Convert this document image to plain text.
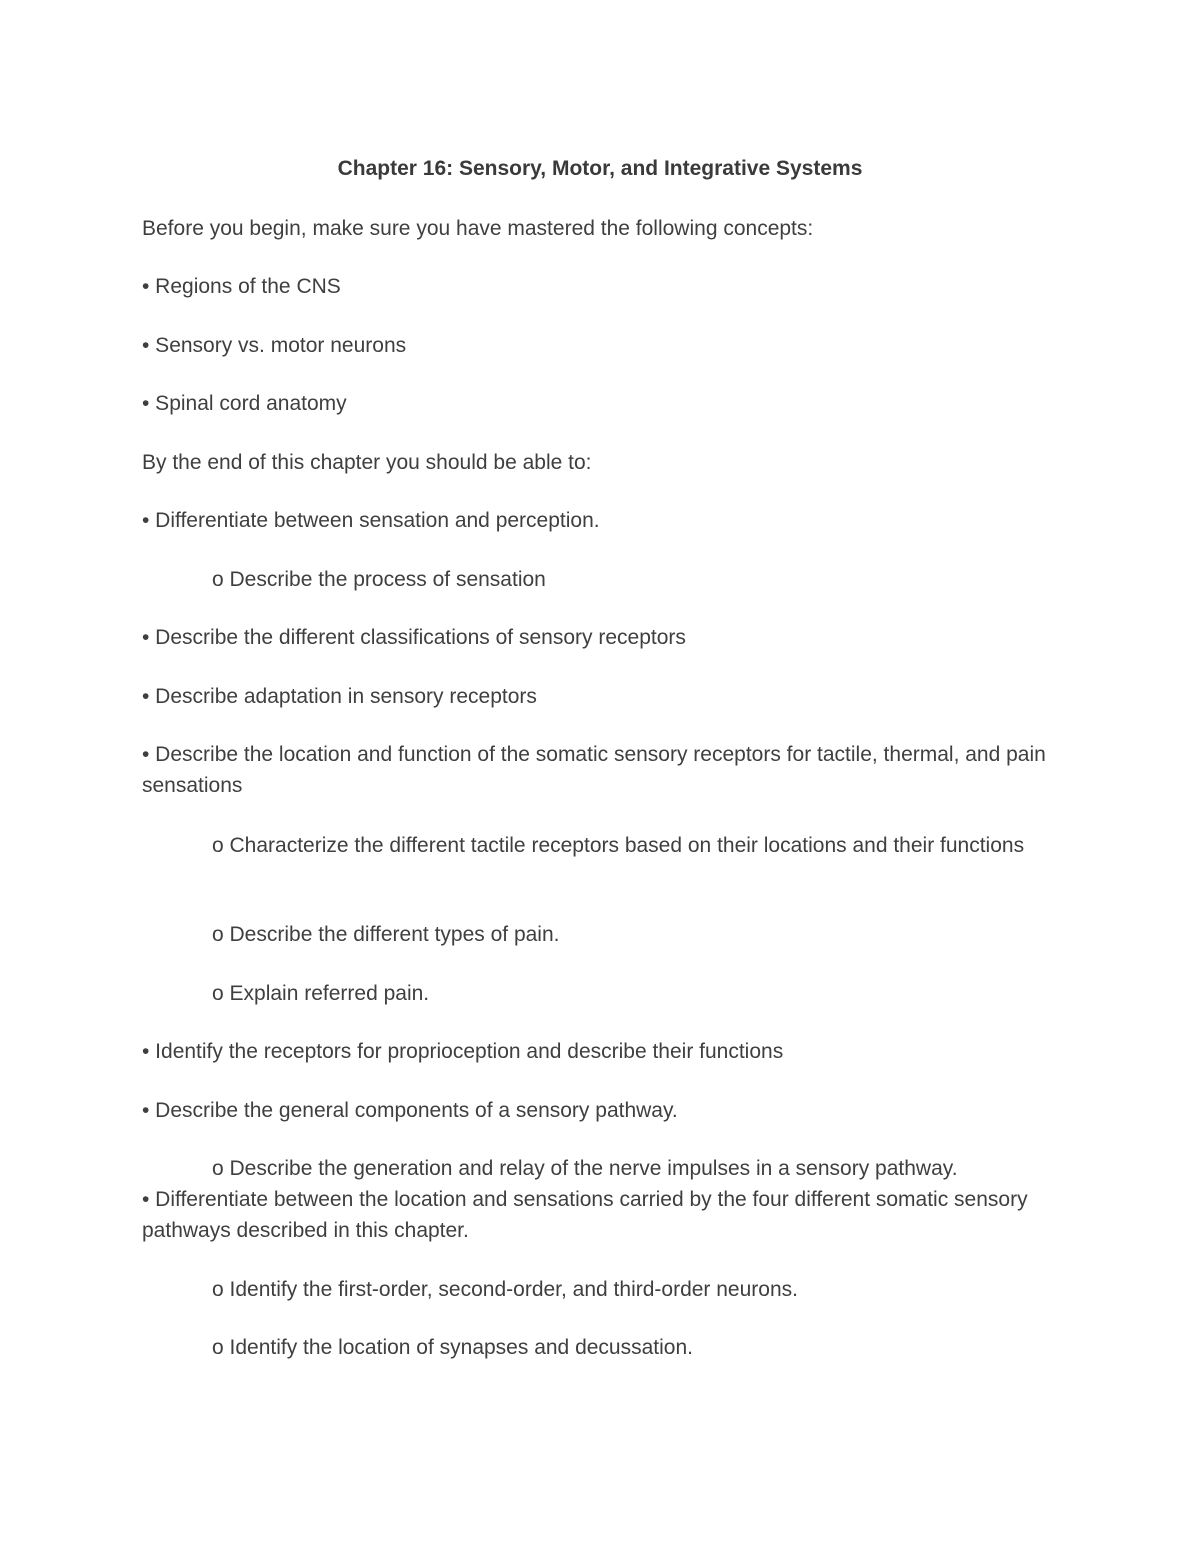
Chapter 16: Sensory, Motor, and Integrative Systems
Before you begin, make sure you have mastered the following concepts:
• Regions of the CNS
• Sensory vs. motor neurons
• Spinal cord anatomy
By the end of this chapter you should be able to:
• Differentiate between sensation and perception.
o Describe the process of sensation
• Describe the different classifications of sensory receptors
• Describe adaptation in sensory receptors
• Describe the location and function of the somatic sensory receptors for tactile, thermal, and pain sensations
o Characterize the different tactile receptors based on their locations and their functions
o Describe the different types of pain.
o Explain referred pain.
• Identify the receptors for proprioception and describe their functions
• Describe the general components of a sensory pathway.
o Describe the generation and relay of the nerve impulses in a sensory pathway.
• Differentiate between the location and sensations carried by the four different somatic sensory pathways described in this chapter.
o Identify the first-order, second-order, and third-order neurons.
o Identify the location of synapses and decussation.
